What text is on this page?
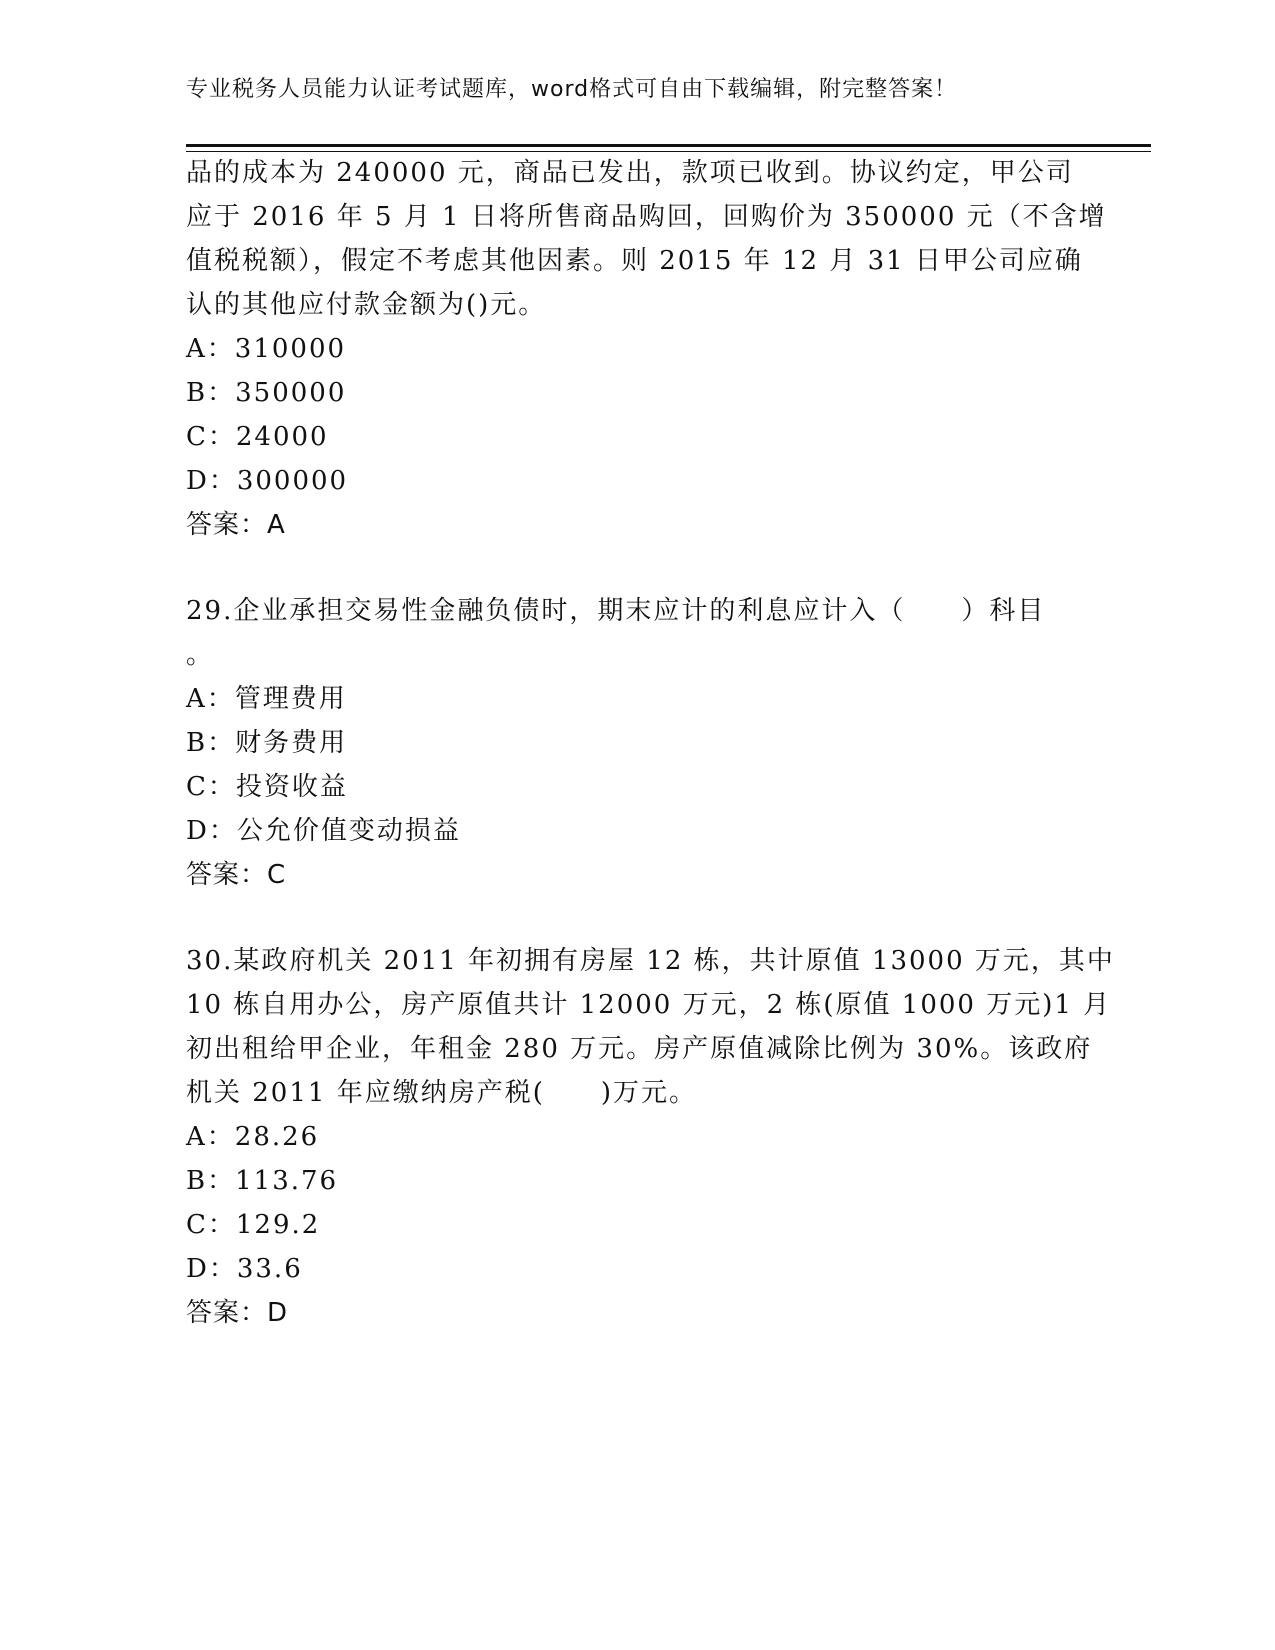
专业税务人员能力认证考试题库，word格式可自由下载编辑，附完整答案！
品的成本为 240000 元，商品已发出，款项已收到。协议约定，甲公司
应于 2016 年 5 月 1 日将所售商品购回，回购价为 350000 元（不含增
值税税额），假定不考虑其他因素。则 2015 年 12 月 31 日甲公司应确
认的其他应付款金额为()元。
A：310000
B：350000
C：24000
D：300000
答案：A
29.企业承担交易性金融负债时，期末应计的利息应计入（　　）科目
。
A：管理费用
B：财务费用
C：投资收益
D：公允价值变动损益
答案：C
30.某政府机关 2011 年初拥有房屋 12 栋，共计原值 13000 万元，其中
10 栋自用办公，房产原值共计 12000 万元，2 栋(原值 1000 万元)1 月
初出租给甲企业，年租金 280 万元。房产原值减除比例为 30%。该政府
机关 2011 年应缴纳房产税(　　)万元。
A：28.26
B：113.76
C：129.2
D：33.6
答案：D
